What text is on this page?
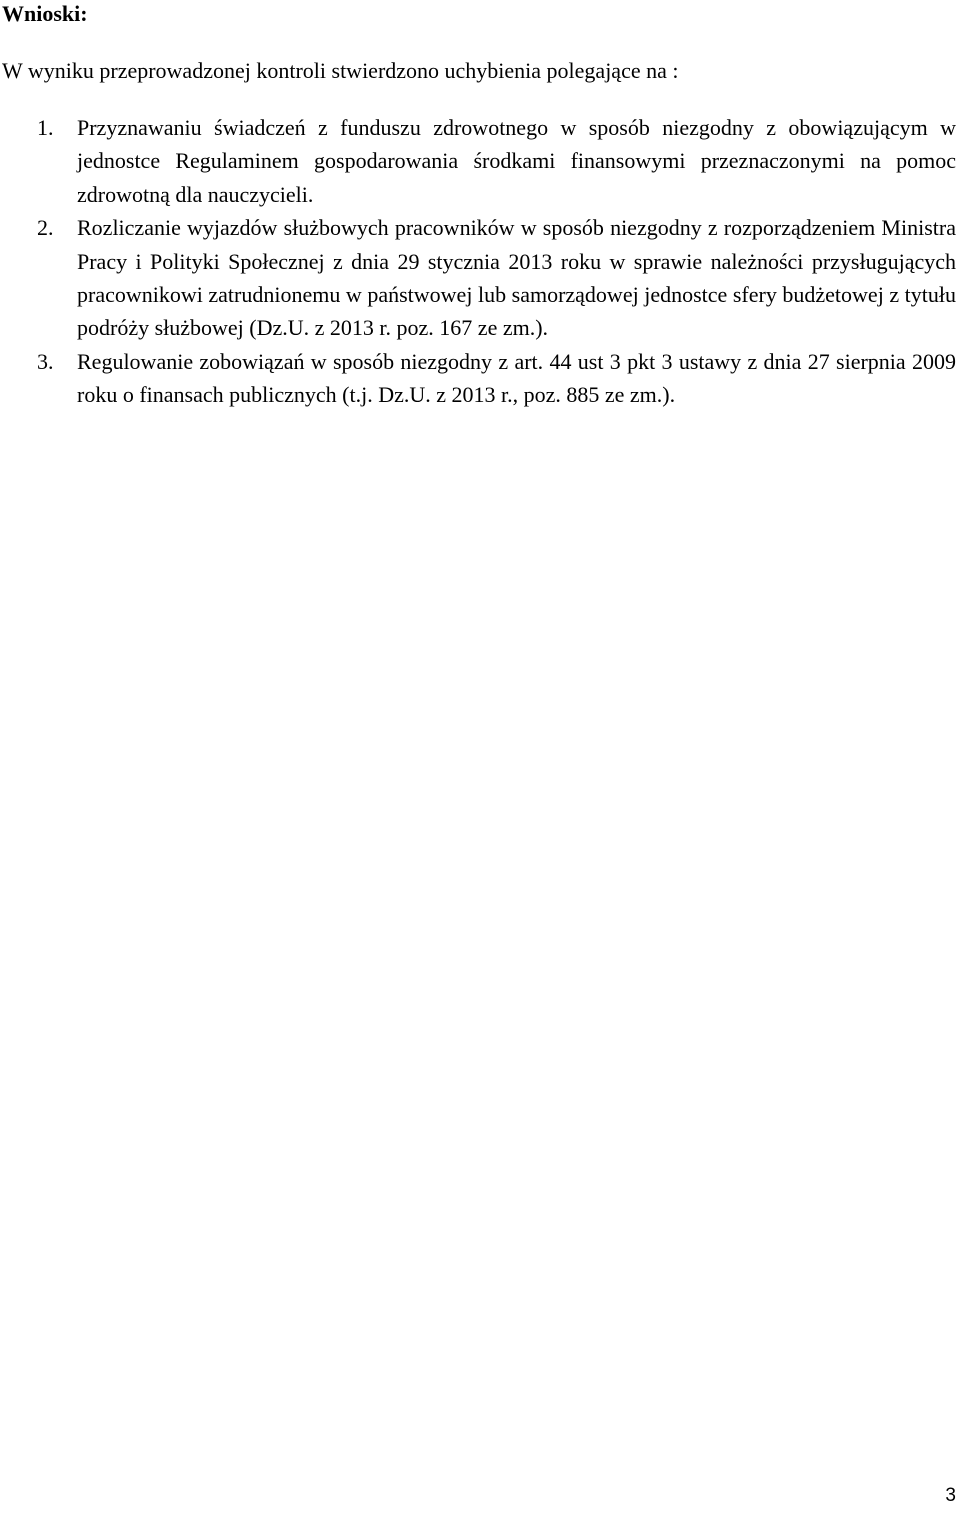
Wnioski:

W wyniku przeprowadzonej kontroli stwierdzono uchybienia polegające na :

1. Przyznawaniu świadczeń z funduszu zdrowotnego w sposób niezgodny z obowiązującym w jednostce Regulaminem gospodarowania środkami finansowymi przeznaczonymi na pomoc zdrowotną dla nauczycieli.
2. Rozliczanie wyjazdów służbowych pracowników w sposób niezgodny z rozporządzeniem Ministra Pracy i Polityki Społecznej z dnia 29 stycznia 2013 roku w sprawie należności przysługujących pracownikowi zatrudnionemu w państwowej lub samorządowej jednostce sfery budżetowej z tytułu podróży służbowej (Dz.U. z 2013 r. poz. 167 ze zm.).
3. Regulowanie zobowiązań w sposób niezgodny z art. 44 ust 3 pkt 3 ustawy z dnia 27 sierpnia 2009 roku o finansach publicznych (t.j. Dz.U. z 2013 r., poz. 885 ze zm.).
3
